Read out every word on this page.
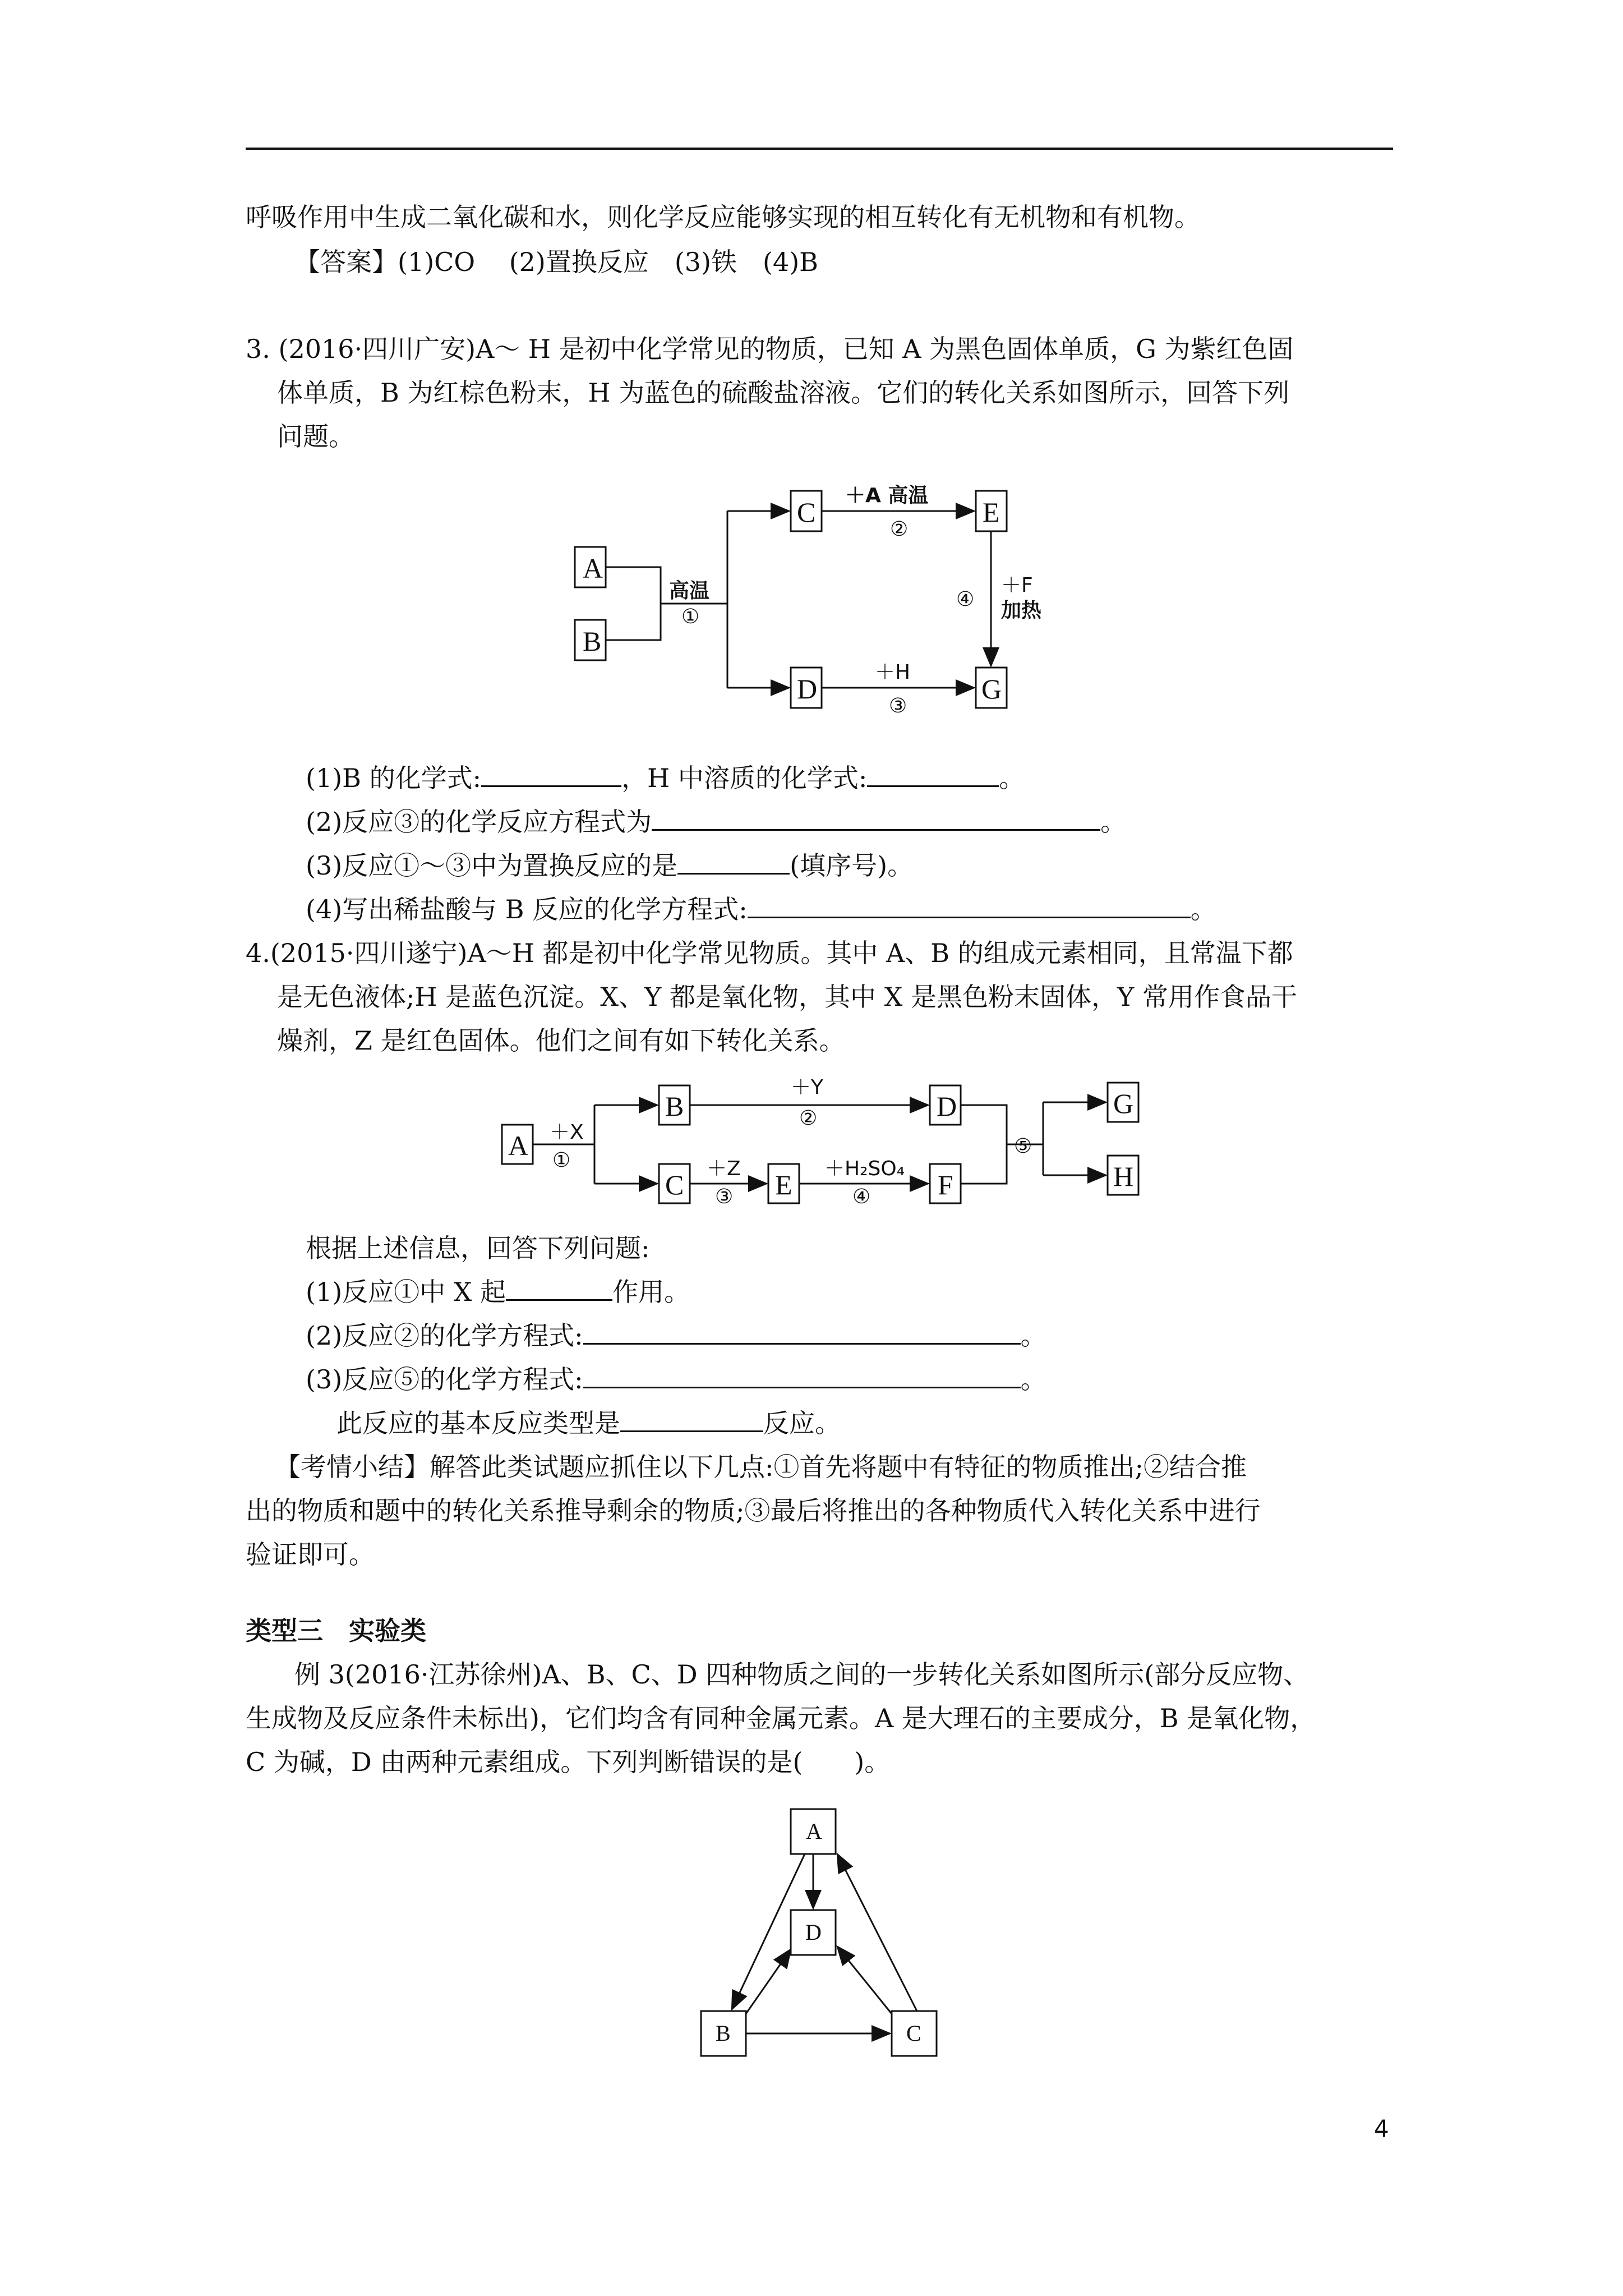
呼吸作用中生成二氧化碳和水，则化学反应能够实现的相互转化有无机物和有机物。
【答案】(1)CO　 (2)置换反应　(3)铁　(4)B
3. (2016·四川广安)A～ H 是初中化学常见的物质，已知 A 为黑色固体单质，G 为紫红色固
体单质，B 为红棕色粉末，H 为蓝色的硫酸盐溶液。它们的转化关系如图所示，回答下列
问题。
A
B
C	E
D	G
高温
①
＋A 高温
②
＋H
③
④
＋F
加热
(1)B 的化学式:	，H 中溶质的化学式:	。
(2)反应③的化学反应方程式为	。
(3)反应①～③中为置换反应的是	(填序号)。
(4)写出稀盐酸与 B 反应的化学方程式:	。
4.(2015·四川遂宁)A～H 都是初中化学常见物质。其中 A、B 的组成元素相同，且常温下都
是无色液体;H 是蓝色沉淀。X、Y 都是氧化物，其中 X 是黑色粉末固体，Y 常用作食品干
燥剂，Z 是红色固体。他们之间有如下转化关系。
A
B
C
D
E	F
G
H
＋X
①
＋Y
②
＋Z
③
＋H₂SO₄
④
⑤
根据上述信息，回答下列问题:
(1)反应①中 X 起	作用。
(2)反应②的化学方程式:	。
(3)反应⑤的化学方程式:	。
此反应的基本反应类型是	反应。
【考情小结】解答此类试题应抓住以下几点:①首先将题中有特征的物质推出;②结合推
出的物质和题中的转化关系推导剩余的物质;③最后将推出的各种物质代入转化关系中进行
验证即可。
类型三　实验类
例 3(2016·江苏徐州)A、B、C、D 四种物质之间的一步转化关系如图所示(部分反应物、
生成物及反应条件未标出)，它们均含有同种金属元素。A 是大理石的主要成分，B 是氧化物，
C 为碱，D 由两种元素组成。下列判断错误的是(　　)。
A
B	C
D
4
